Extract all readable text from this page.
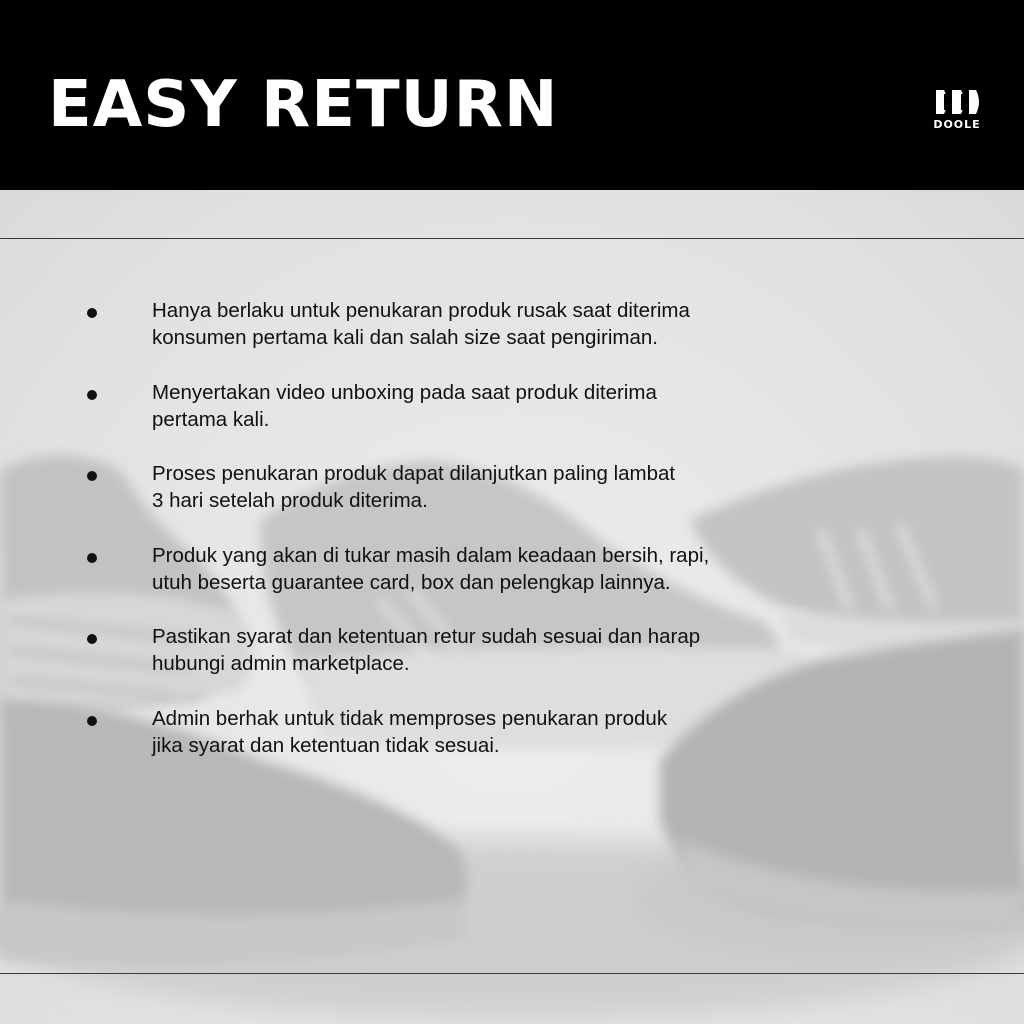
EASY RETURN	DOOLE

Hanya berlaku untuk penukaran produk rusak saat diterima
konsumen pertama kali dan salah size saat pengiriman.

Menyertakan video unboxing pada saat produk diterima
pertama kali.

Proses penukaran produk dapat dilanjutkan paling lambat
3 hari setelah produk diterima.

Produk yang akan di tukar masih dalam keadaan bersih, rapi,
utuh beserta guarantee card, box dan pelengkap lainnya.

Pastikan syarat dan ketentuan retur sudah sesuai dan harap
hubungi admin marketplace.

Admin berhak untuk tidak memproses penukaran produk
jika syarat dan ketentuan tidak sesuai.
